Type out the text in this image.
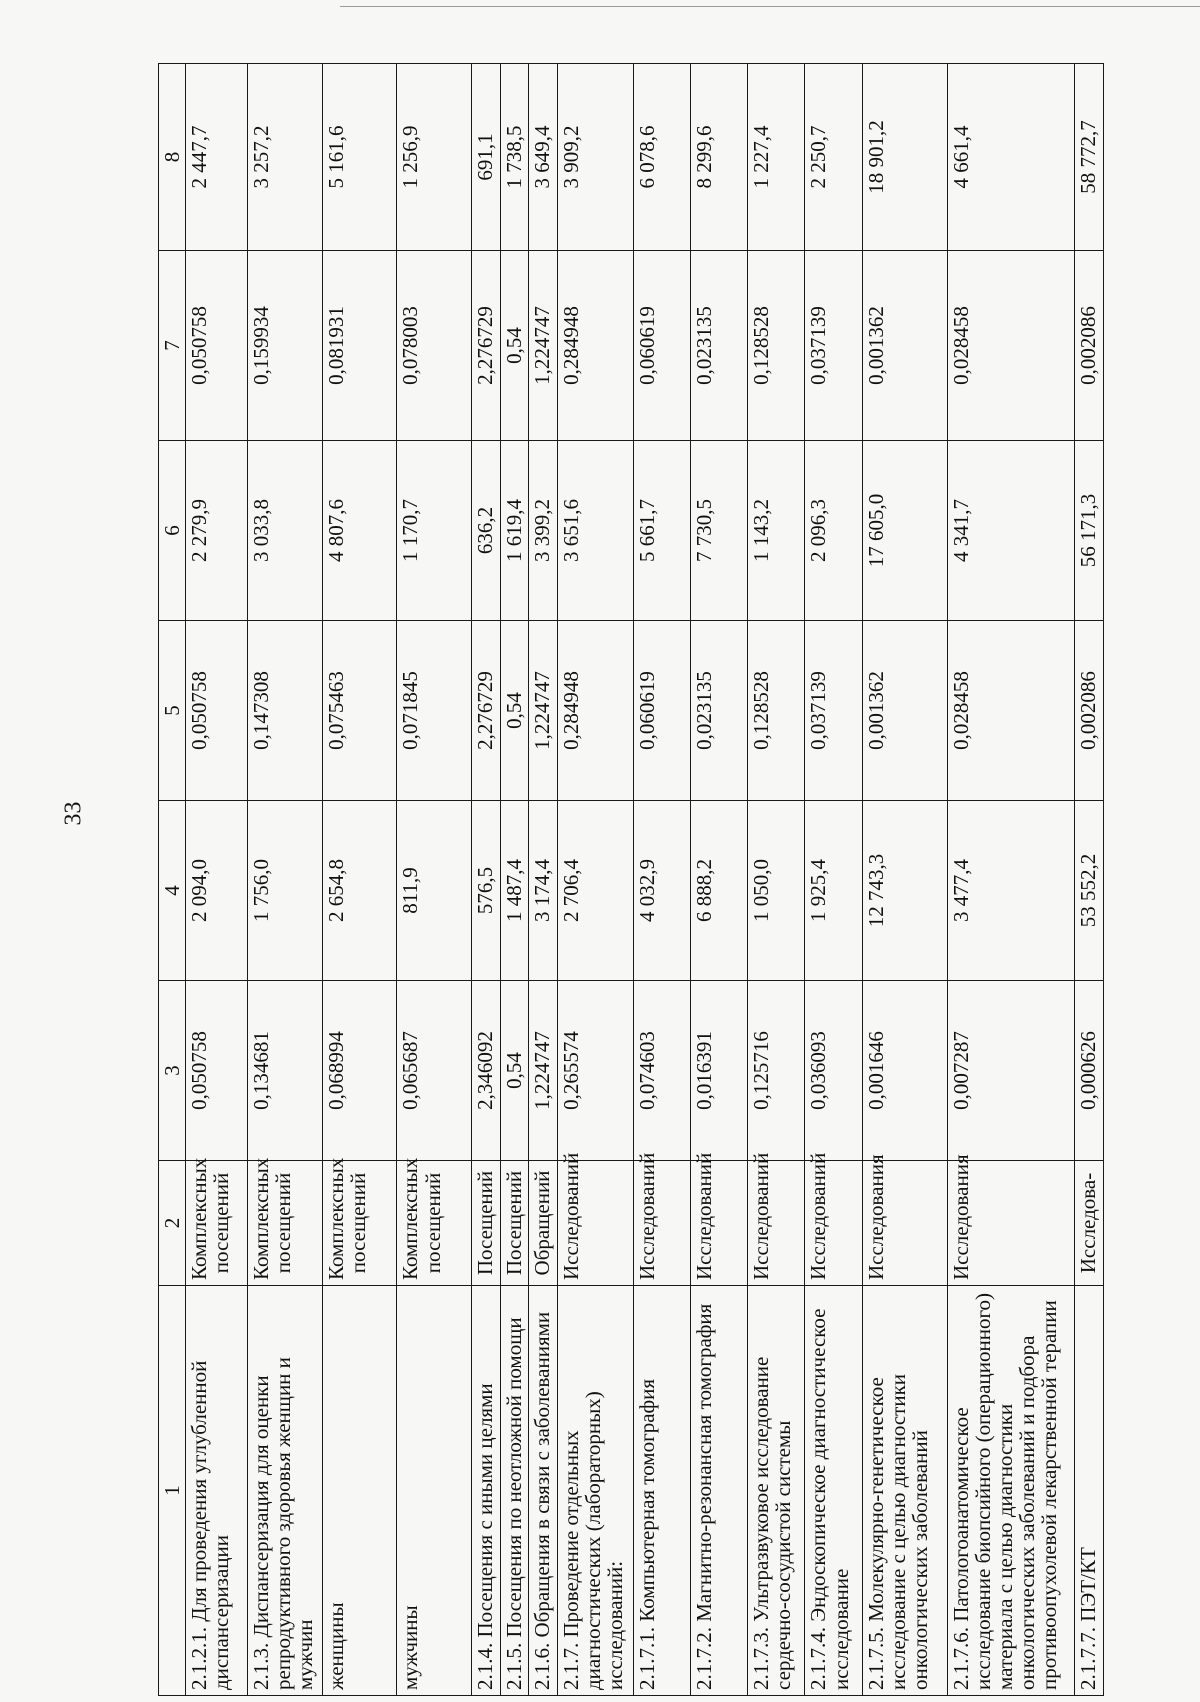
33
1	2	3	4	5	6	7	8
2.1.2.1. Для проведения углубленной диспансеризации	Комплексных посещений	0,050758	2 094,0	0,050758	2 279,9	0,050758	2 447,7
2.1.3. Диспансеризация для оценки репродуктивного здоровья женщин и мужчин	Комплексных посещений	0,134681	1 756,0	0,147308	3 033,8	0,159934	3 257,2
женщины	Комплексных посещений	0,068994	2 654,8	0,075463	4 807,6	0,081931	5 161,6
мужчины	Комплексных посещений	0,065687	811,9	0,071845	1 170,7	0,078003	1 256,9
2.1.4. Посещения с иными целями	Посещений	2,346092	576,5	2,276729	636,2	2,276729	691,1
2.1.5. Посещения по неотложной помощи	Посещений	0,54	1 487,4	0,54	1 619,4	0,54	1 738,5
2.1.6. Обращения в связи с заболеваниями	Обращений	1,224747	3 174,4	1,224747	3 399,2	1,224747	3 649,4
2.1.7. Проведение отдельных диагностических (лабораторных) исследований:	Исследований	0,265574	2 706,4	0,284948	3 651,6	0,284948	3 909,2
2.1.7.1. Компьютерная томография	Исследований	0,074603	4 032,9	0,060619	5 661,7	0,060619	6 078,6
2.1.7.2. Магнитно-резонансная томография	Исследований	0,016391	6 888,2	0,023135	7 730,5	0,023135	8 299,6
2.1.7.3. Ультразвуковое исследование сердечно-сосудистой системы	Исследований	0,125716	1 050,0	0,128528	1 143,2	0,128528	1 227,4
2.1.7.4. Эндоскопическое диагностическое исследование	Исследований	0,036093	1 925,4	0,037139	2 096,3	0,037139	2 250,7
2.1.7.5. Молекулярно-генетическое исследование с целью диагностики онкологических заболеваний	Исследования	0,001646	12 743,3	0,001362	17 605,0	0,001362	18 901,2
2.1.7.6. Патологоанатомическое исследование биопсийного (операционного) материала с целью диагностики онкологических заболеваний и подбора противоопухолевой лекарственной терапии	Исследования	0,007287	3 477,4	0,028458	4 341,7	0,028458	4 661,4
2.1.7.7. ПЭТ/КТ	Исследова-	0,000626	53 552,2	0,002086	56 171,3	0,002086	58 772,7
